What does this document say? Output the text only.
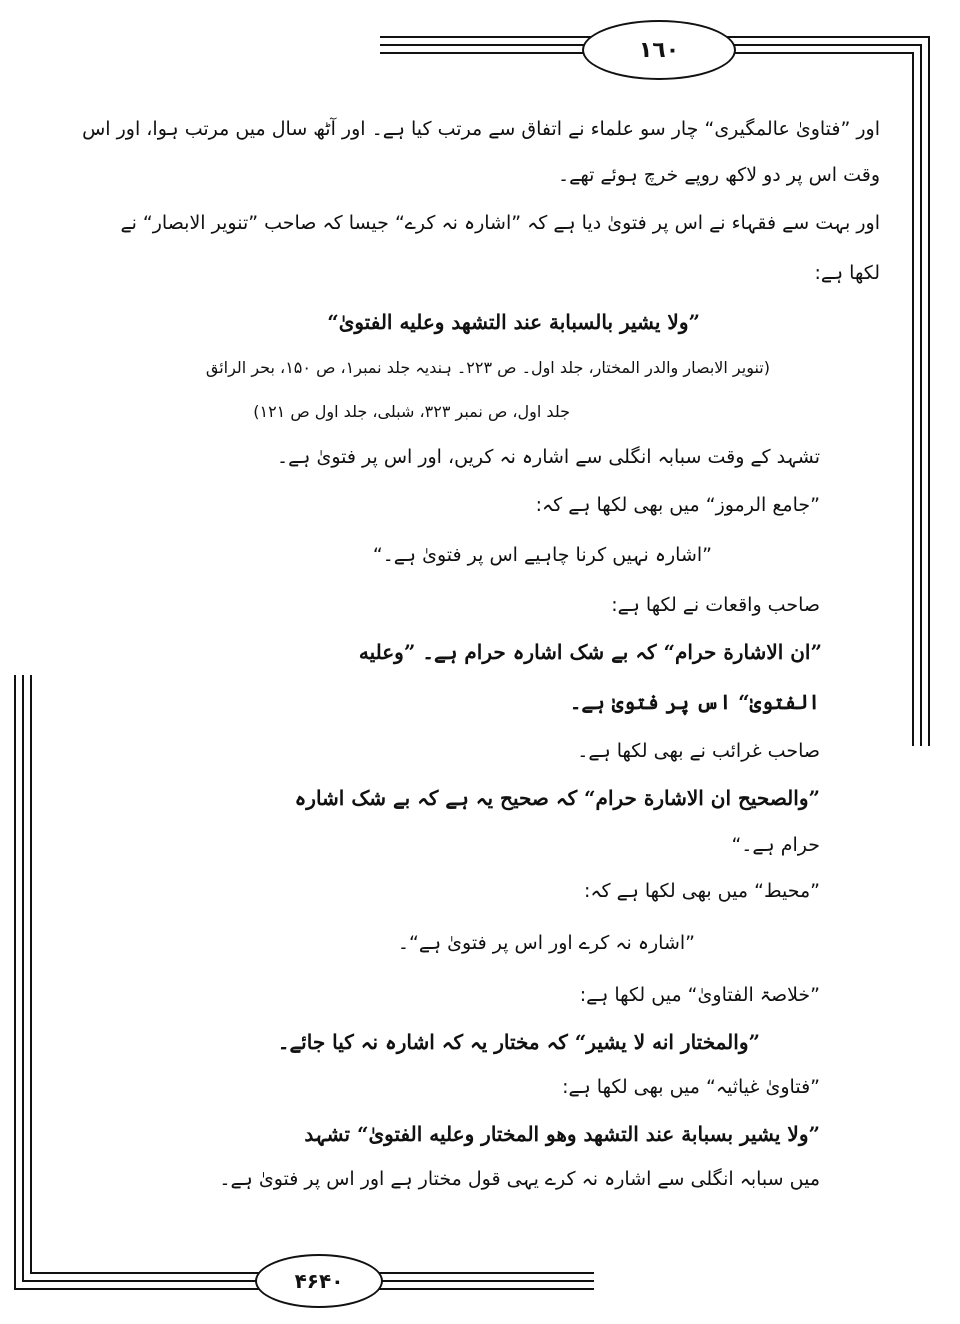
١٦٠
۴۶۴٠
اور ”فتاویٰ عالمگیری“ چار سو علماء نے اتفاق سے مرتب کیا ہے۔ اور آٹھ سال میں مرتب ہوا، اور اس
وقت اس پر دو لاکھ روپے خرچ ہوئے تھے۔
اور بہت سے فقہاء نے اس پر فتویٰ دیا ہے کہ ”اشارہ نہ کرے“ جیسا کہ صاحب ”تنویر الابصار“ نے
لکھا ہے:
”ولا يشير بالسبابة عند التشهد وعليه الفتوىٰ“
(تنویر الابصار والدر المختار، جلد اول۔ ص ٢٢٣۔ ہندیہ جلد نمبر١، ص ١۵٠، بحر الرائق
جلد اول، ص نمبر ٣٢٣، شبلی، جلد اول ص ١٢١)
تشہد کے وقت سبابہ انگلی سے اشارہ نہ کریں، اور اس پر فتویٰ ہے۔
”جامع الرموز“ میں بھی لکھا ہے کہ:
”اشارہ نہیں کرنا چاہیے اس پر فتویٰ ہے۔“
صاحب واقعات نے لکھا ہے:
”ان الاشارة حرام“ کہ بے شک اشارہ حرام ہے۔ ”وعليه
الفتوىٰ“ اس پر فتویٰ ہے۔
صاحب غرائب نے بھی لکھا ہے۔
”والصحيح ان الاشارة حرام“ کہ صحیح یہ ہے کہ بے شک اشارہ
حرام ہے۔“
”محیط“ میں بھی لکھا ہے کہ:
”اشارہ نہ کرے اور اس پر فتویٰ ہے“۔
”خلاصۃ الفتاویٰ“ میں لکھا ہے:
”والمختار انه لا يشير“ کہ مختار یہ کہ اشارہ نہ کیا جائے۔
”فتاویٰ غیاثیہ“ میں بھی لکھا ہے:
”ولا يشير بسبابة عند التشهد وهو المختار وعليه الفتوىٰ“ تشہد
میں سبابہ انگلی سے اشارہ نہ کرے یہی قول مختار ہے اور اس پر فتویٰ ہے۔
